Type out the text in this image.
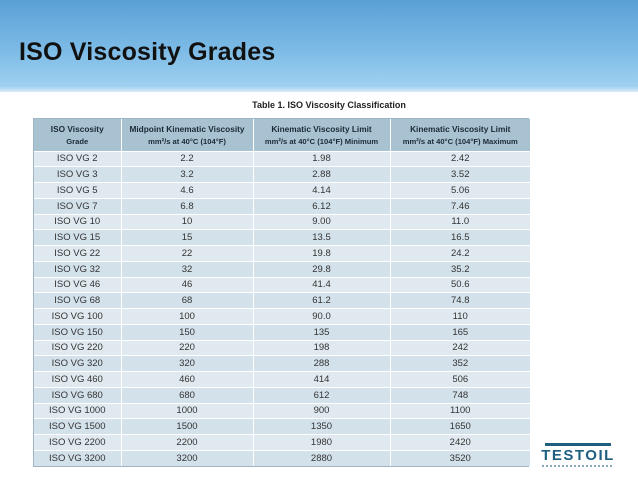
ISO Viscosity Grades
Table 1. ISO Viscosity Classification
ISO Viscosity	Midpoint Kinematic Viscosity	Kinematic Viscosity Limit	Kinematic Viscosity Limit
Grade	mm²/s at 40°C (104°F)	mm²/s at 40°C (104°F) Minimum	mm²/s at 40°C (104°F) Maximum
ISO VG 2	2.2	1.98	2.42
ISO VG 3	3.2	2.88	3.52
ISO VG 5	4.6	4.14	5.06
ISO VG 7	6.8	6.12	7.46
ISO VG 10	10	9.00	11.0
ISO VG 15	15	13.5	16.5
ISO VG 22	22	19.8	24.2
ISO VG 32	32	29.8	35.2
ISO VG 46	46	41.4	50.6
ISO VG 68	68	61.2	74.8
ISO VG 100	100	90.0	110
ISO VG 150	150	135	165
ISO VG 220	220	198	242
ISO VG 320	320	288	352
ISO VG 460	460	414	506
ISO VG 680	680	612	748
ISO VG 1000	1000	900	1100
ISO VG 1500	1500	1350	1650
ISO VG 2200	2200	1980	2420
ISO VG 3200	3200	2880	3520	TESTOIL
